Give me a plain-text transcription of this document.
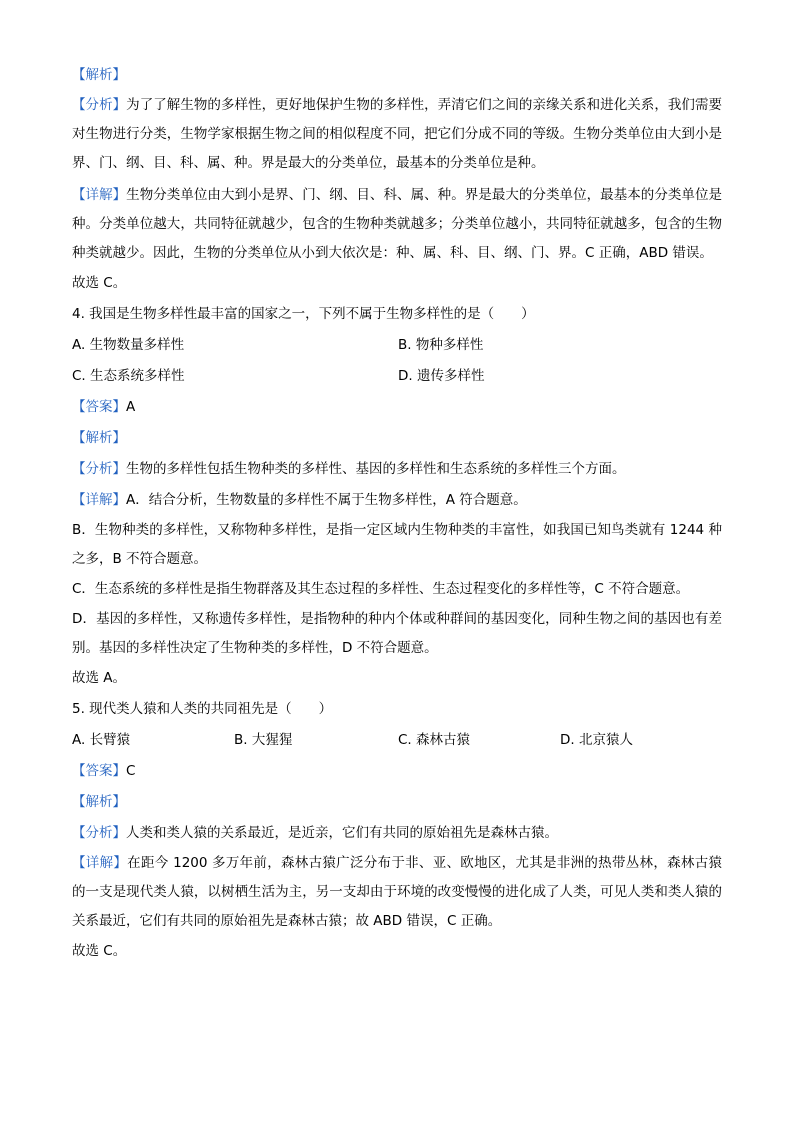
【解析】
【分析】为了了解生物的多样性，更好地保护生物的多样性，弄清它们之间的亲缘关系和进化关系，我们需要对生物进行分类，生物学家根据生物之间的相似程度不同，把它们分成不同的等级。生物分类单位由大到小是界、门、纲、目、科、属、种。界是最大的分类单位，最基本的分类单位是种。
【详解】生物分类单位由大到小是界、门、纲、目、科、属、种。界是最大的分类单位，最基本的分类单位是种。分类单位越大，共同特征就越少，包含的生物种类就越多；分类单位越小，共同特征就越多，包含的生物种类就越少。因此，生物的分类单位从小到大依次是：种、属、科、目、纲、门、界。C 正确，ABD 错误。
故选 C。
4. 我国是生物多样性最丰富的国家之一，下列不属于生物多样性的是（　　）
A. 生物数量多样性	B. 物种多样性
C. 生态系统多样性	D. 遗传多样性
【答案】A
【解析】
【分析】生物的多样性包括生物种类的多样性、基因的多样性和生态系统的多样性三个方面。
【详解】A．结合分析，生物数量的多样性不属于生物多样性，A 符合题意。
B．生物种类的多样性，又称物种多样性，是指一定区域内生物种类的丰富性，如我国已知鸟类就有 1244 种之多，B 不符合题意。
C．生态系统的多样性是指生物群落及其生态过程的多样性、生态过程变化的多样性等，C 不符合题意。
D．基因的多样性，又称遗传多样性，是指物种的种内个体或种群间的基因变化，同种生物之间的基因也有差别。基因的多样性决定了生物种类的多样性，D 不符合题意。
故选 A。
5. 现代类人猿和人类的共同祖先是（　　）
A. 长臂猿	B. 大猩猩	C. 森林古猿	D. 北京猿人
【答案】C
【解析】
【分析】人类和类人猿的关系最近，是近亲，它们有共同的原始祖先是森林古猿。
【详解】在距今 1200 多万年前，森林古猿广泛分布于非、亚、欧地区，尤其是非洲的热带丛林，森林古猿的一支是现代类人猿，以树栖生活为主，另一支却由于环境的改变慢慢的进化成了人类，可见人类和类人猿的关系最近，它们有共同的原始祖先是森林古猿；故 ABD 错误，C 正确。
故选 C。
